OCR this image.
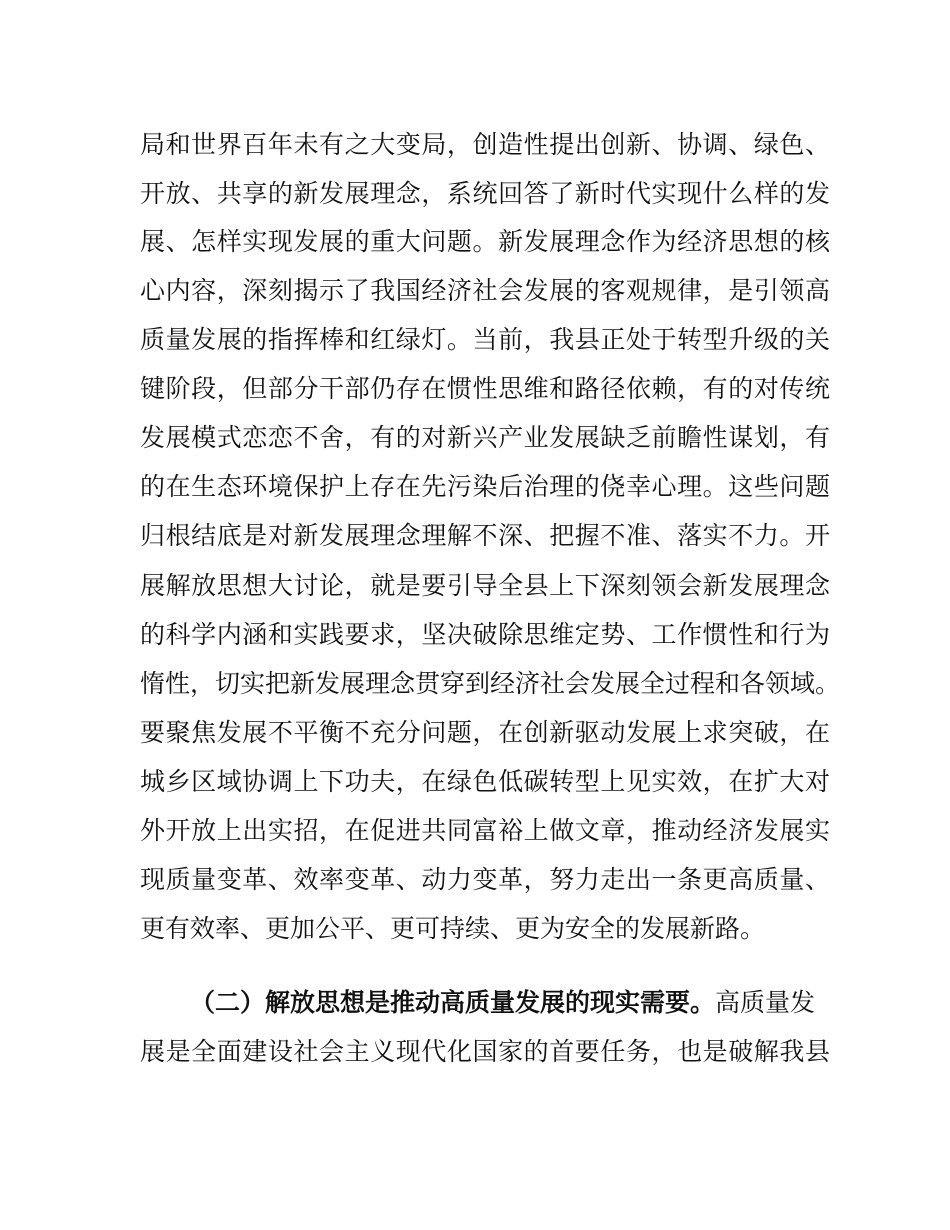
局和世界百年未有之大变局，创造性提出创新、协调、绿色、
开放、共享的新发展理念，系统回答了新时代实现什么样的发
展、怎样实现发展的重大问题。新发展理念作为经济思想的核
心内容，深刻揭示了我国经济社会发展的客观规律，是引领高
质量发展的指挥棒和红绿灯。当前，我县正处于转型升级的关
键阶段，但部分干部仍存在惯性思维和路径依赖，有的对传统
发展模式恋恋不舍，有的对新兴产业发展缺乏前瞻性谋划，有
的在生态环境保护上存在先污染后治理的侥幸心理。这些问题
归根结底是对新发展理念理解不深、把握不准、落实不力。开
展解放思想大讨论，就是要引导全县上下深刻领会新发展理念
的科学内涵和实践要求，坚决破除思维定势、工作惯性和行为
惰性，切实把新发展理念贯穿到经济社会发展全过程和各领域。
要聚焦发展不平衡不充分问题，在创新驱动发展上求突破，在
城乡区域协调上下功夫，在绿色低碳转型上见实效，在扩大对
外开放上出实招，在促进共同富裕上做文章，推动经济发展实
现质量变革、效率变革、动力变革，努力走出一条更高质量、
更有效率、更加公平、更可持续、更为安全的发展新路。
（二）解放思想是推动高质量发展的现实需要。高质量发
展是全面建设社会主义现代化国家的首要任务，也是破解我县
